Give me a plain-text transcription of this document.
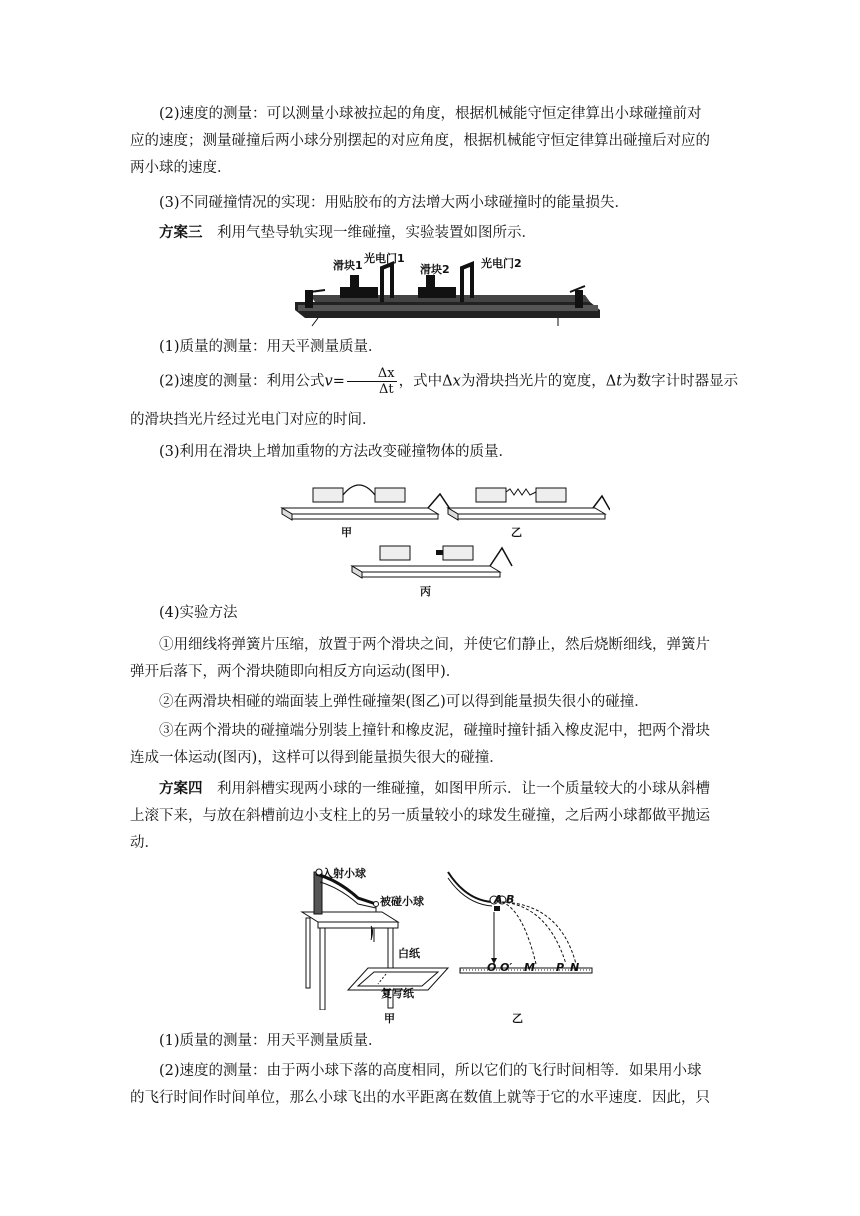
(2)速度的测量：可以测量小球被拉起的角度，根据机械能守恒定律算出小球碰撞前对
应的速度；测量碰撞后两小球分别摆起的对应角度，根据机械能守恒定律算出碰撞后对应的
两小球的速度．
(3)不同碰撞情况的实现：用贴胶布的方法增大两小球碰撞时的能量损失．
方案三　利用气垫导轨实现一维碰撞，实验装置如图所示．
滑块1
光电门1
滑块2	光电门2
(1)质量的测量：用天平测量质量．
(2)速度的测量：利用公式$v= \frac{\Delta x}{\Delta t}$ ，式中Δx为滑块挡光片的宽度，Δt为数字计时器显示
的滑块挡光片经过光电门对应的时间．
(3)利用在滑块上增加重物的方法改变碰撞物体的质量．
甲	乙
丙
(4)实验方法
①用细线将弹簧片压缩，放置于两个滑块之间，并使它们静止，然后烧断细线，弹簧片
弹开后落下，两个滑块随即向相反方向运动(图甲)．
②在两滑块相碰的端面装上弹性碰撞架(图乙)可以得到能量损失很小的碰撞．
③在两个滑块的碰撞端分别装上撞针和橡皮泥，碰撞时撞针插入橡皮泥中，把两个滑块
连成一体运动(图丙)，这样可以得到能量损失很大的碰撞．
方案四　利用斜槽实现两小球的一维碰撞，如图甲所示．让一个质量较大的小球从斜槽
上滚下来，与放在斜槽前边小支柱上的另一质量较小的球发生碰撞，之后两小球都做平抛运
动．
入射小球
被碰小球
白纸
复写纸
A B
O O′ M P N
甲	乙
(1)质量的测量：用天平测量质量．
(2)速度的测量：由于两小球下落的高度相同，所以它们的飞行时间相等．如果用小球
的飞行时间作时间单位，那么小球飞出的水平距离在数值上就等于它的水平速度．因此，只
